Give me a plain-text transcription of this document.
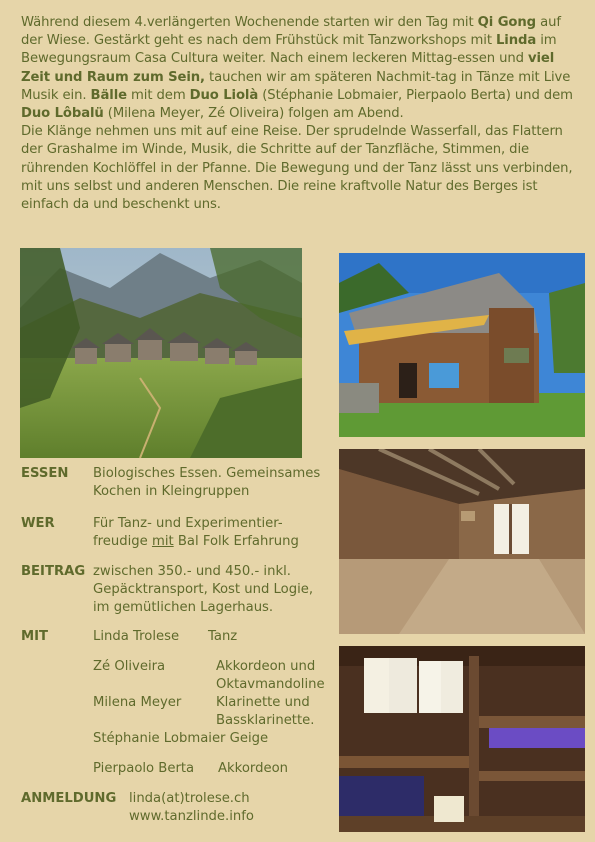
Während diesem 4.verlängerten Wochenende starten wir den Tag mit Qi Gong auf der Wiese. Gestärkt geht es nach dem Frühstück mit Tanzworkshops mit Linda im Bewegungsraum Casa Cultura weiter. Nach einem leckeren Mittag-essen und viel Zeit und Raum zum Sein, tauchen wir am späteren Nachmit-tag in Tänze mit Live Musik ein. Bälle mit dem Duo Liolà (Stéphanie Lobmaier, Pierpaolo Berta) und dem Duo Lôbalü (Milena Meyer, Zé Oliveira) folgen am Abend.

Die Klänge nehmen uns mit auf eine Reise. Der sprudelnde Wasserfall, das Flattern der Grashalme im Winde, Musik, die Schritte auf der Tanzfläche, Stimmen, die rührenden Kochlöffel in der Pfanne. Die Bewegung und der Tanz lässt uns verbinden, mit uns selbst und anderen Menschen. Die reine kraftvolle Natur des Berges ist einfach da und beschenkt uns.

ESSEN Biologisches Essen. Gemeinsames
Kochen in Kleingruppen
WER	Für Tanz- und Experimentier-
freudige mit Bal Folk Erfahrung
BEITRAG zwischen 350.- und 450.- inkl.
Gepäcktransport, Kost und Logie,
im gemütlichen Lagerhaus.
MIT	Linda Trolese Tanz
Zé Oliveira	Akkordeon und
Oktavmandoline
Milena Meyer	Klarinette und
Bassklarinette.
Stéphanie Lobmaier Geige
Pierpaolo Berta Akkordeon
ANMELDUNG linda(at)trolese.ch
www.tanzlinde.info
